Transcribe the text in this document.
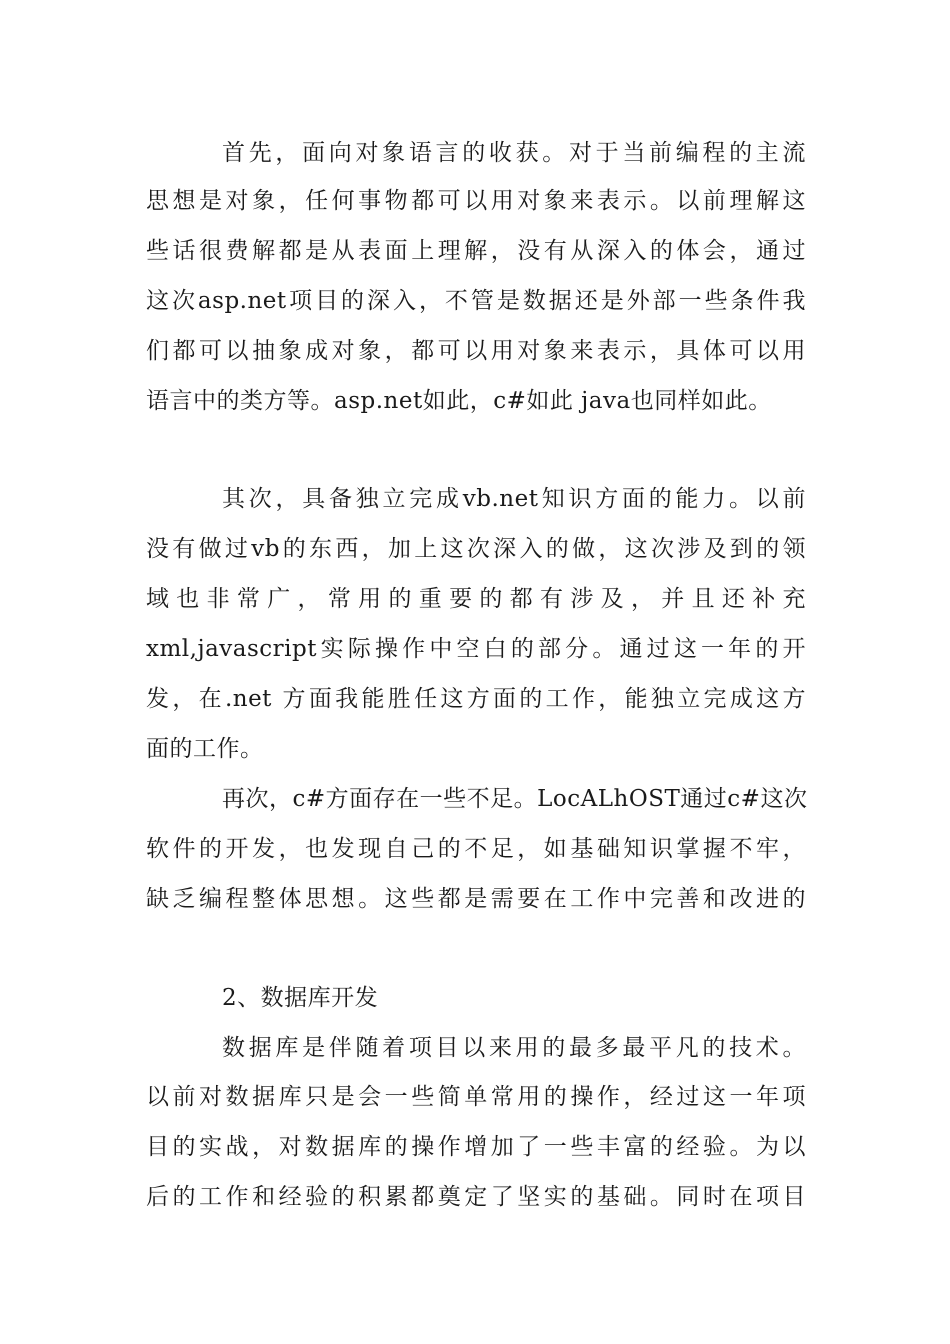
首先，面向对象语言的收获。对于当前编程的主流
思想是对象，任何事物都可以用对象来表示。以前理解这
些话很费解都是从表面上理解，没有从深入的体会，通过
这次asp.net项目的深入，不管是数据还是外部一些条件我
们都可以抽象成对象，都可以用对象来表示，具体可以用
语言中的类方等。asp.net如此，c#如此 java也同样如此。
其次，具备独立完成vb.net知识方面的能力。以前
没有做过vb的东西，加上这次深入的做，这次涉及到的领
域也非常广，常用的重要的都有涉及，并且还补充
xml,javascript实际操作中空白的部分。通过这一年的开
发，在.net 方面我能胜任这方面的工作，能独立完成这方
面的工作。
再次，c#方面存在一些不足。LocALhOST通过c#这次
软件的开发，也发现自己的不足，如基础知识掌握不牢，
缺乏编程整体思想。这些都是需要在工作中完善和改进的
2、数据库开发
数据库是伴随着项目以来用的最多最平凡的技术。
以前对数据库只是会一些简单常用的操作，经过这一年项
目的实战，对数据库的操作增加了一些丰富的经验。为以
后的工作和经验的积累都奠定了坚实的基础。同时在项目
